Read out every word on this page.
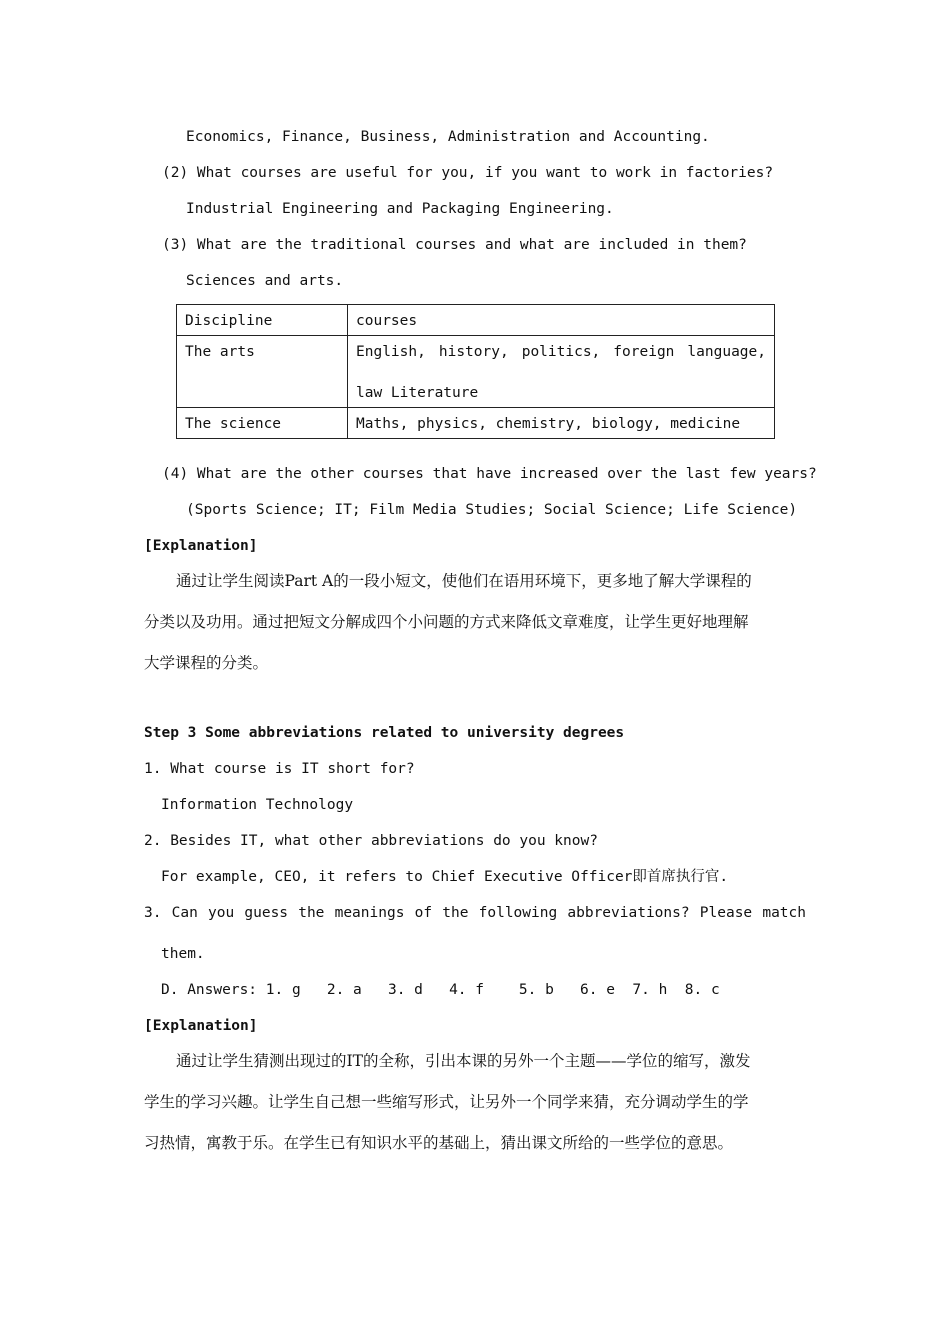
Economics, Finance, Business, Administration and Accounting.
(2) What courses are useful for you, if you want to work in factories?
Industrial Engineering and Packaging Engineering.
(3) What are the traditional courses and what are included in them?
Sciences and arts.
Discipline	courses
The arts	English, history, politics, foreign language,
law Literature

The science	Maths, physics, chemistry, biology, medicine
(4) What are the other courses that have increased over the last few years?
(Sports Science; IT; Film Media Studies; Social Science; Life Science)
[Explanation]
通过让学生阅读Part A的一段小短文，使他们在语用环境下，更多地了解大学课程的
分类以及功用。通过把短文分解成四个小问题的方式来降低文章难度，让学生更好地理解
大学课程的分类。
Step 3 Some abbreviations related to university degrees
1. What course is IT short for?
Information Technology
2. Besides IT, what other abbreviations do you know?
For example, CEO, it refers to Chief Executive Officer即首席执行官.
3. Can you guess the meanings of the following abbreviations? Please match
them.
D. Answers: 1. g   2. a   3. d   4. f    5. b   6. e  7. h  8. c
[Explanation]
通过让学生猜测出现过的IT的全称，引出本课的另外一个主题——学位的缩写，激发
学生的学习兴趣。让学生自己想一些缩写形式，让另外一个同学来猜，充分调动学生的学
习热情，寓教于乐。在学生已有知识水平的基础上，猜出课文所给的一些学位的意思。
